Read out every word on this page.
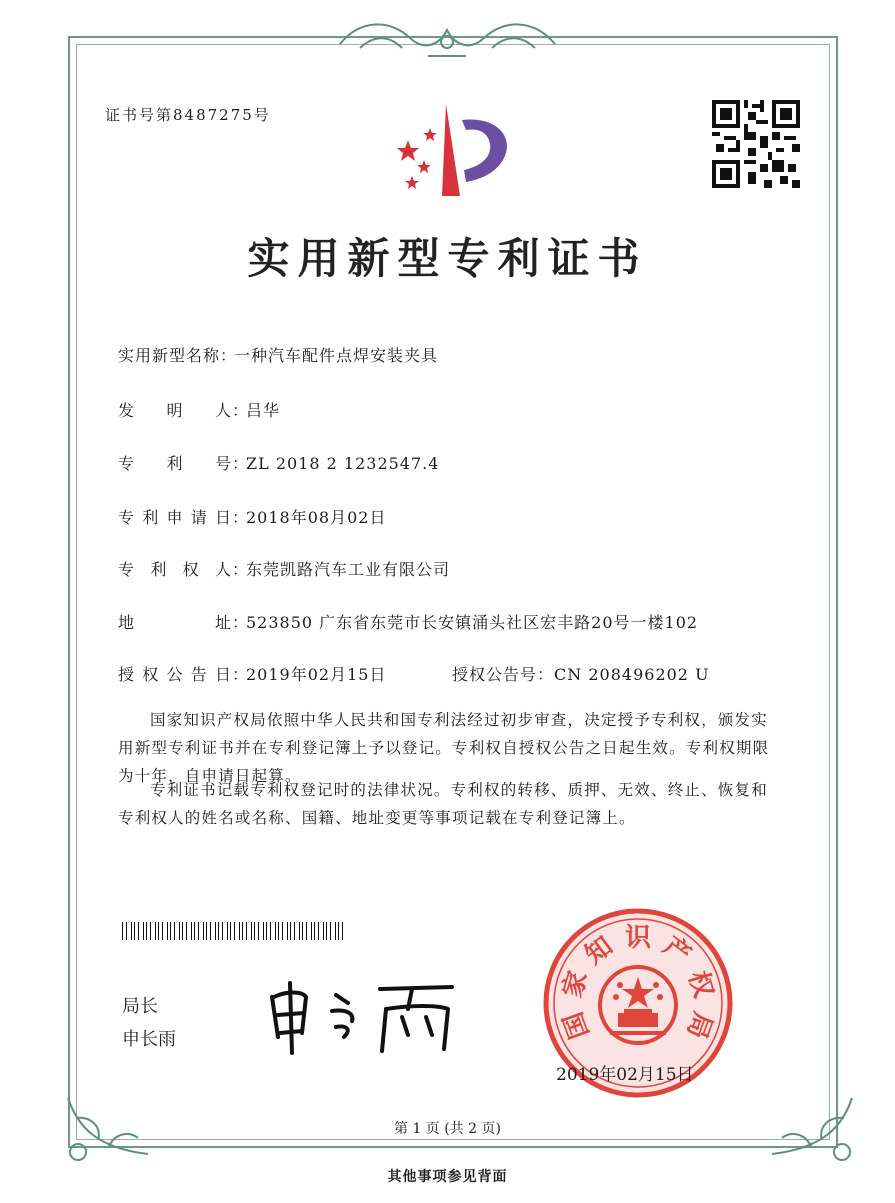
证书号第8487275号
实用新型专利证书
实用新型名称：一种汽车配件点焊安装夹具
发 明 人 ：吕华
专 利 号 ：ZL 2018 2 1232547.4
专 利 申 请 日 ：2018年08月02日
专 利 权 人 ：东莞凯路汽车工业有限公司
地	址 ：523850 广东省东莞市长安镇涌头社区宏丰路20号一楼102
授 权 公 告 日 ：2019年02月15日	授权公告号：CN 208496202 U
国家知识产权局依照中华人民共和国专利法经过初步审查，决定授予专利权，颁发实用新型专利证书并在专利登记簿上予以登记。专利权自授权公告之日起生效。专利权期限为十年，自申请日起算。
专利证书记载专利权登记时的法律状况。专利权的转移、质押、无效、终止、恢复和专利权人的姓名或名称、国籍、地址变更等事项记载在专利登记簿上。
局长
申长雨	国
家
知 识 产
权
局
2019年02月15日
第 1 页 (共 2 页)
其他事项参见背面
